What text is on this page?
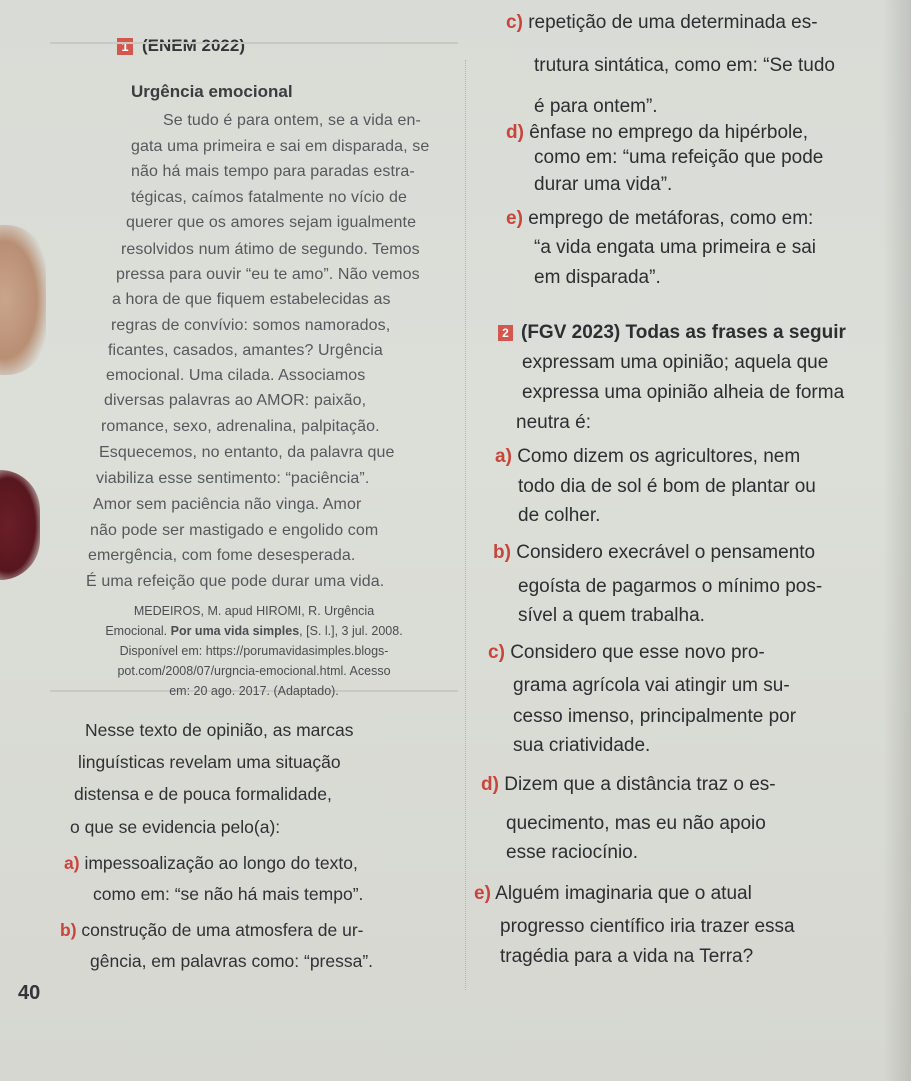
1 (ENEM 2022)
Urgência emocional
Se tudo é para ontem, se a vida en-
gata uma primeira e sai em disparada, se
não há mais tempo para paradas estra-
tégicas, caímos fatalmente no vício de
querer que os amores sejam igualmente
resolvidos num átimo de segundo. Temos
pressa para ouvir “eu te amo”. Não vemos
a hora de que fiquem estabelecidas as
regras de convívio: somos namorados,
ficantes, casados, amantes? Urgência
emocional. Uma cilada. Associamos
diversas palavras ao AMOR: paixão,
romance, sexo, adrenalina, palpitação.
Esquecemos, no entanto, da palavra que
viabiliza esse sentimento: “paciência”.
Amor sem paciência não vinga. Amor
não pode ser mastigado e engolido com
emergência, com fome desesperada.
É uma refeição que pode durar uma vida.
MEDEIROS, M. apud HIROMI, R. Urgência
Emocional. Por uma vida simples, [S. l.], 3 jul. 2008.
Disponível em: https://porumavidasimples.blogs-
pot.com/2008/07/urgncia-emocional.html. Acesso
em: 20 ago. 2017. (Adaptado).
Nesse texto de opinião, as marcas
linguísticas revelam uma situação
distensa e de pouca formalidade,
o que se evidencia pelo(a):
a) impessoalização ao longo do texto,
como em: “se não há mais tempo”.
b) construção de uma atmosfera de ur-
gência, em palavras como: “pressa”.
c) repetição de uma determinada es-
trutura sintática, como em: “Se tudo
é para ontem”.
d) ênfase no emprego da hipérbole,
como em: “uma refeição que pode
durar uma vida”.
e) emprego de metáforas, como em:
“a vida engata uma primeira e sai
em disparada”.
2 (FGV 2023) Todas as frases a seguir
expressam uma opinião; aquela que
expressa uma opinião alheia de forma
neutra é:
a) Como dizem os agricultores, nem
todo dia de sol é bom de plantar ou
de colher.
b) Considero execrável o pensamento
egoísta de pagarmos o mínimo pos-
sível a quem trabalha.
c) Considero que esse novo pro-
grama agrícola vai atingir um su-
cesso imenso, principalmente por
sua criatividade.
d) Dizem que a distância traz o es-
quecimento, mas eu não apoio
esse raciocínio.
e) Alguém imaginaria que o atual
progresso científico iria trazer essa
tragédia para a vida na Terra?
40
